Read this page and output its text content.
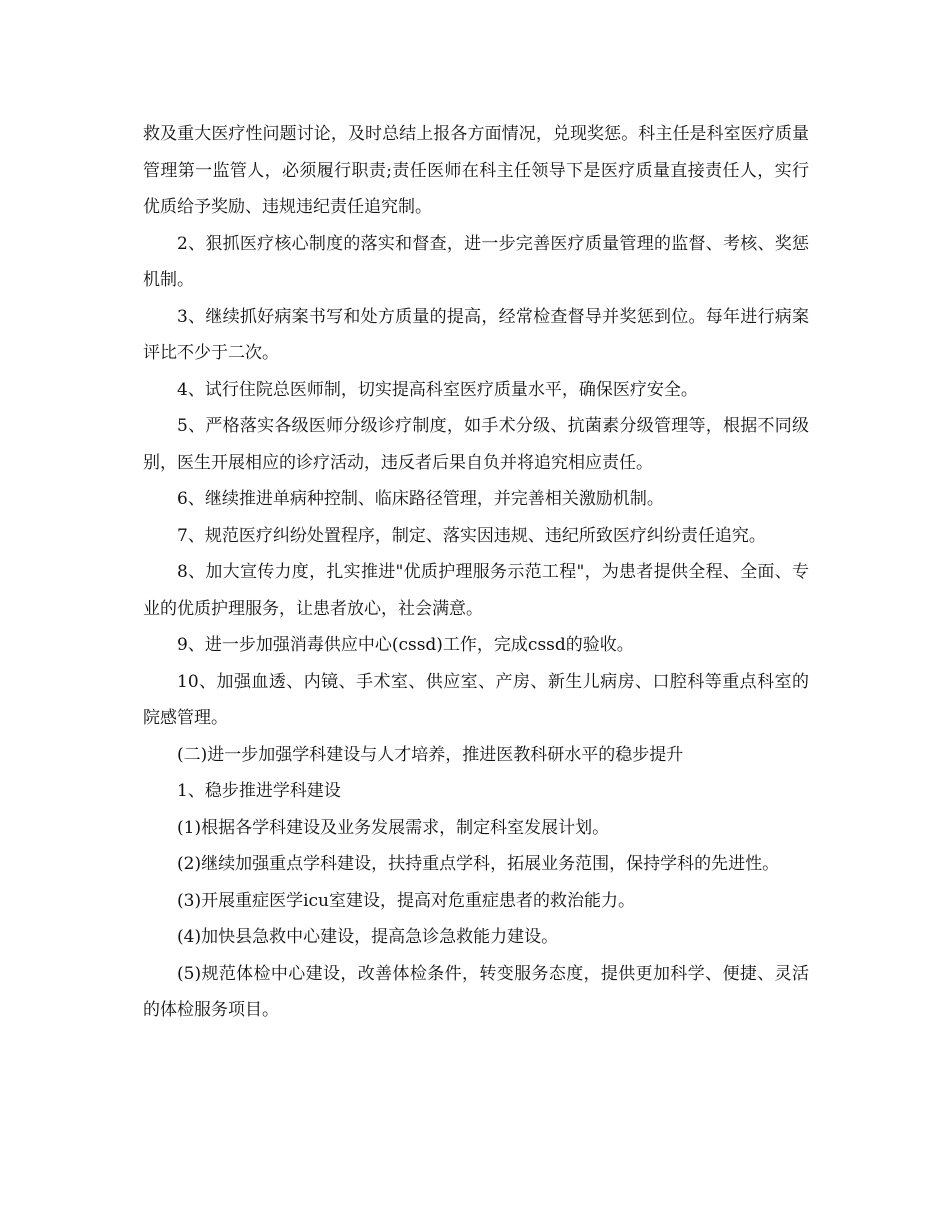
救及重大医疗性问题讨论，及时总结上报各方面情况，兑现奖惩。科主任是科室医疗质量管理第一监管人，必须履行职责;责任医师在科主任领导下是医疗质量直接责任人，实行优质给予奖励、违规违纪责任追究制。

2、狠抓医疗核心制度的落实和督查，进一步完善医疗质量管理的监督、考核、奖惩机制。

3、继续抓好病案书写和处方质量的提高，经常检查督导并奖惩到位。每年进行病案评比不少于二次。

4、试行住院总医师制，切实提高科室医疗质量水平，确保医疗安全。

5、严格落实各级医师分级诊疗制度，如手术分级、抗菌素分级管理等，根据不同级别，医生开展相应的诊疗活动，违反者后果自负并将追究相应责任。

6、继续推进单病种控制、临床路径管理，并完善相关激励机制。

7、规范医疗纠纷处置程序，制定、落实因违规、违纪所致医疗纠纷责任追究。

8、加大宣传力度，扎实推进"优质护理服务示范工程"，为患者提供全程、全面、专业的优质护理服务，让患者放心，社会满意。

9、进一步加强消毒供应中心(cssd)工作，完成cssd的验收。

10、加强血透、内镜、手术室、供应室、产房、新生儿病房、口腔科等重点科室的院感管理。

(二)进一步加强学科建设与人才培养，推进医教科研水平的稳步提升

1、稳步推进学科建设

(1)根据各学科建设及业务发展需求，制定科室发展计划。

(2)继续加强重点学科建设，扶持重点学科，拓展业务范围，保持学科的先进性。

(3)开展重症医学icu室建设，提高对危重症患者的救治能力。

(4)加快县急救中心建设，提高急诊急救能力建设。

(5)规范体检中心建设，改善体检条件，转变服务态度，提供更加科学、便捷、灵活的体检服务项目。
